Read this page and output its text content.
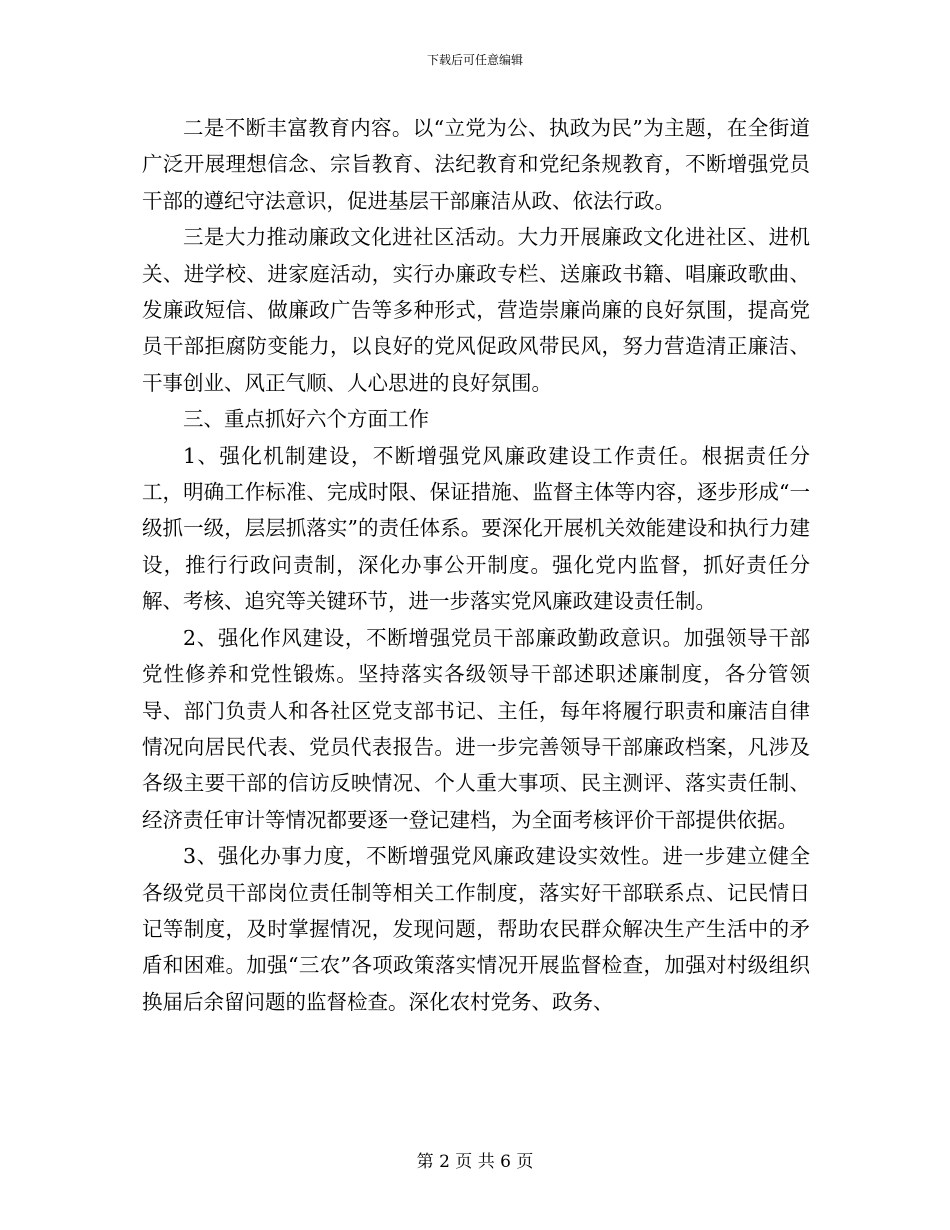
下载后可任意编辑

二是不断丰富教育内容。以“立党为公、执政为民”为主题，在全街道广泛开展理想信念、宗旨教育、法纪教育和党纪条规教育，不断增强党员干部的遵纪守法意识，促进基层干部廉洁从政、依法行政。

三是大力推动廉政文化进社区活动。大力开展廉政文化进社区、进机关、进学校、进家庭活动，实行办廉政专栏、送廉政书籍、唱廉政歌曲、发廉政短信、做廉政广告等多种形式，营造崇廉尚廉的良好氛围，提高党员干部拒腐防变能力，以良好的党风促政风带民风，努力营造清正廉洁、干事创业、风正气顺、人心思进的良好氛围。

三、重点抓好六个方面工作

1、强化机制建设，不断增强党风廉政建设工作责任。根据责任分工，明确工作标准、完成时限、保证措施、监督主体等内容，逐步形成“一级抓一级，层层抓落实”的责任体系。要深化开展机关效能建设和执行力建设，推行行政问责制，深化办事公开制度。强化党内监督，抓好责任分解、考核、追究等关键环节，进一步落实党风廉政建设责任制。

2、强化作风建设，不断增强党员干部廉政勤政意识。加强领导干部党性修养和党性锻炼。坚持落实各级领导干部述职述廉制度，各分管领导、部门负责人和各社区党支部书记、主任，每年将履行职责和廉洁自律情况向居民代表、党员代表报告。进一步完善领导干部廉政档案，凡涉及各级主要干部的信访反映情况、个人重大事项、民主测评、落实责任制、经济责任审计等情况都要逐一登记建档，为全面考核评价干部提供依据。

3、强化办事力度，不断增强党风廉政建设实效性。进一步建立健全各级党员干部岗位责任制等相关工作制度，落实好干部联系点、记民情日记等制度，及时掌握情况，发现问题，帮助农民群众解决生产生活中的矛盾和困难。加强“三农”各项政策落实情况开展监督检查，加强对村级组织换届后余留问题的监督检查。深化农村党务、政务、

第 2 页 共 6 页
